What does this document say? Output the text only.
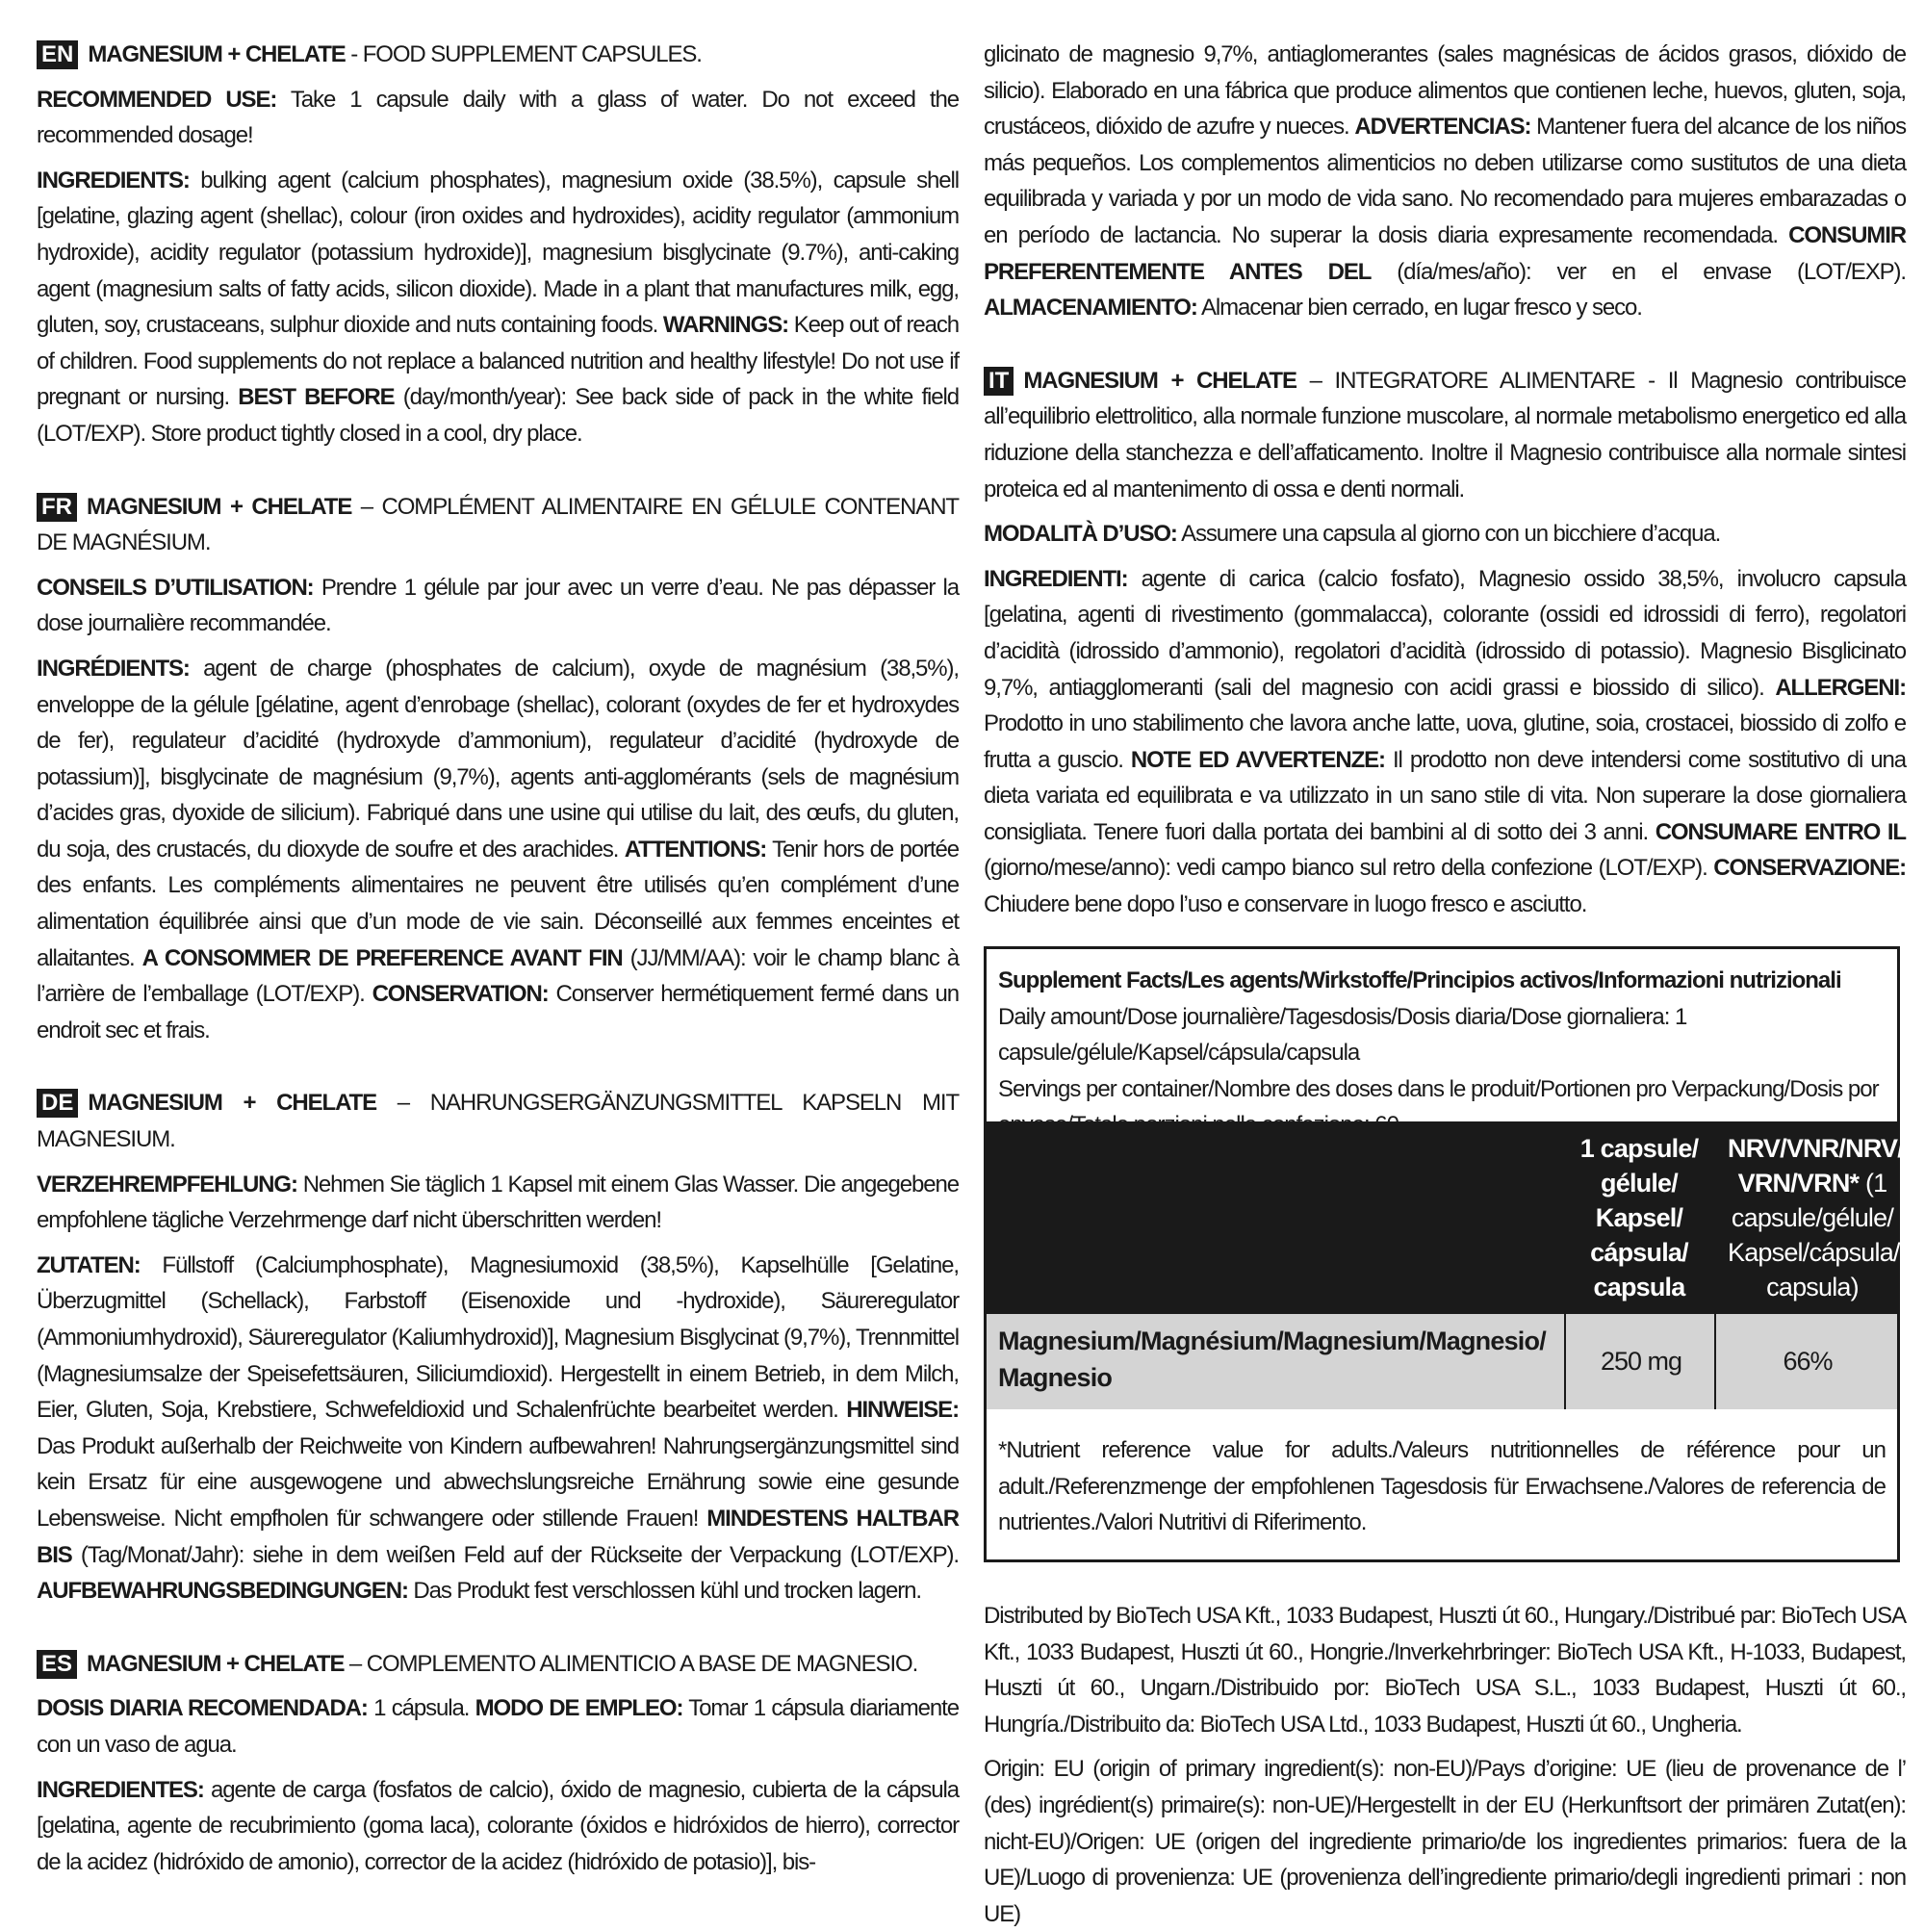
EN MAGNESIUM + CHELATE - FOOD SUPPLEMENT CAPSULES.

RECOMMENDED USE: Take 1 capsule daily with a glass of water. Do not exceed the recommended dosage!

INGREDIENTS: bulking agent (calcium phosphates), magnesium oxide (38.5%), capsule shell [gelatine, glazing agent (shellac), colour (iron oxides and hydroxides), acidity regulator (ammonium hydroxide), acidity regulator (potassium hydroxide)], magnesium bisglycinate (9.7%), anti-caking agent (magnesium salts of fatty acids, silicon dioxide). Made in a plant that manufactures milk, egg, gluten, soy, crustaceans, sulphur dioxide and nuts containing foods. WARNINGS: Keep out of reach of children. Food supplements do not replace a balanced nutrition and healthy lifestyle! Do not use if pregnant or nursing. BEST BEFORE (day/month/year): See back side of pack in the white field (LOT/EXP). Store product tightly closed in a cool, dry place.

FR MAGNESIUM + CHELATE – COMPLÉMENT ALIMENTAIRE EN GÉLULE CONTENANT DE MAGNÉSIUM.

CONSEILS D’UTILISATION: Prendre 1 gélule par jour avec un verre d’eau. Ne pas dépasser la dose journalière recommandée.

INGRÉDIENTS: agent de charge (phosphates de calcium), oxyde de magnésium (38,5%), enveloppe de la gélule [gélatine, agent d’enrobage (shellac), colorant (oxydes de fer et hydroxydes de fer), regulateur d’acidité (hydroxyde d’ammonium), regulateur d’acidité (hydroxyde de potassium)], bisglycinate de magnésium (9,7%), agents anti-agglomérants (sels de magnésium d’acides gras, dyoxide de silicium). Fabriqué dans une usine qui utilise du lait, des œufs, du gluten, du soja, des crustacés, du dioxyde de soufre et des arachides. ATTENTIONS: Tenir hors de portée des enfants. Les compléments alimentaires ne peuvent être utilisés qu’en complément d’une alimentation équilibrée ainsi que d’un mode de vie sain. Déconseillé aux femmes enceintes et allaitantes. A CONSOMMER DE PREFERENCE AVANT FIN (JJ/MM/AA): voir le champ blanc à l’arrière de l’emballage (LOT/EXP). CONSERVATION: Conserver hermétiquement fermé dans un endroit sec et frais.

DE MAGNESIUM + CHELATE – NAHRUNGSERGÄNZUNGSMITTEL KAPSELN MIT MAGNESIUM.

VERZEHREMPFEHLUNG: Nehmen Sie täglich 1 Kapsel mit einem Glas Wasser. Die angegebene empfohlene tägliche Verzehrmenge darf nicht überschritten werden!

ZUTATEN: Füllstoff (Calciumphosphate), Magnesiumoxid (38,5%), Kapselhülle [Gelatine, Überzugmittel (Schellack), Farbstoff (Eisenoxide und -hydroxide), Säureregulator (Ammoniumhydroxid), Säureregulator (Kaliumhydroxid)], Magnesium Bisglycinat (9,7%), Trennmittel (Magnesiumsalze der Speisefettsäuren, Siliciumdioxid). Hergestellt in einem Betrieb, in dem Milch, Eier, Gluten, Soja, Krebstiere, Schwefeldioxid und Schalenfrüchte bearbeitet werden. HINWEISE: Das Produkt außerhalb der Reichweite von Kindern aufbewahren! Nahrungsergänzungsmittel sind kein Ersatz für eine ausgewogene und abwechslungsreiche Ernährung sowie eine gesunde Lebensweise. Nicht empfholen für schwangere oder stillende Frauen! MINDESTENS HALTBAR BIS (Tag/Monat/Jahr): siehe in dem weißen Feld auf der Rückseite der Verpackung (LOT/EXP). AUFBEWAHRUNGSBEDINGUNGEN: Das Produkt fest verschlossen kühl und trocken lagern.

ES MAGNESIUM + CHELATE – COMPLEMENTO ALIMENTICIO A BASE DE MAGNESIO.

DOSIS DIARIA RECOMENDADA: 1 cápsula. MODO DE EMPLEO: Tomar 1 cápsula diariamente con un vaso de agua.

INGREDIENTES: agente de carga (fosfatos de calcio), óxido de magnesio, cubierta de la cápsula [gelatina, agente de recubrimiento (goma laca), colorante (óxidos e hidróxidos de hierro), corrector de la acidez (hidróxido de amonio), corrector de la acidez (hidróxido de potasio)], bis-

glicinato de magnesio 9,7%, antiaglomerantes (sales magnésicas de ácidos grasos, dióxido de silicio). Elaborado en una fábrica que produce alimentos que contienen leche, huevos, gluten, soja, crustáceos, dióxido de azufre y nueces. ADVERTENCIAS: Mantener fuera del alcance de los niños más pequeños. Los complementos alimenticios no deben utilizarse como sustitutos de una dieta equilibrada y variada y por un modo de vida sano. No recomendado para mujeres embarazadas o en período de lactancia. No superar la dosis diaria expresamente recomendada. CONSUMIR PREFERENTEMENTE ANTES DEL (día/mes/año): ver en el envase (LOT/EXP). ALMACENAMIENTO: Almacenar bien cerrado, en lugar fresco y seco.

IT MAGNESIUM + CHELATE – INTEGRATORE ALIMENTARE - Il Magnesio contribuisce all’equilibrio elettrolitico, alla normale funzione muscolare, al normale metabolismo energetico ed alla riduzione della stanchezza e dell’affaticamento. Inoltre il Magnesio contribuisce alla normale sintesi proteica ed al mantenimento di ossa e denti normali.

MODALITÀ D’USO: Assumere una capsula al giorno con un bicchiere d’acqua.

INGREDIENTI: agente di carica (calcio fosfato), Magnesio ossido 38,5%, involucro capsula [gelatina, agenti di rivestimento (gommalacca), colorante (ossidi ed idrossidi di ferro), regolatori d’acidità (idrossido d’ammonio), regolatori d’acidità (idrossido di potassio). Magnesio Bisglicinato 9,7%, antiagglomeranti (sali del magnesio con acidi grassi e biossido di silico). ALLERGENI: Prodotto in uno stabilimento che lavora anche latte, uova, glutine, soia, crostacei, biossido di zolfo e frutta a guscio. NOTE ED AVVERTENZE: Il prodotto non deve intendersi come sostitutivo di una dieta variata ed equilibrata e va utilizzato in un sano stile di vita. Non superare la dose giornaliera consigliata. Tenere fuori dalla portata dei bambini al di sotto dei 3 anni. CONSUMARE ENTRO IL (giorno/mese/anno): vedi campo bianco sul retro della confezione (LOT/EXP). CONSERVAZIONE: Chiudere bene dopo l’uso e conservare in luogo fresco e asciutto.

Supplement Facts/Les agents/Wirkstoffe/Principios activos/Informazioni nutrizionali
Daily amount/Dose journalière/Tagesdosis/Dosis diaria/Dose giornaliera: 1 capsule/gélule/Kapsel/cápsula/capsula
Servings per container/Nombre des doses dans le produit/Portionen pro Verpackung/Dosis por
1 capsule/ gélule/ Kapsel/ cápsula/ capsula
NRV/VNR/NRV/ VRN/VRN* (1 capsule/gélule/ Kapsel/cápsula/ capsula)
Magnesium/Magnésium/Magnesium/Magnesio/ Magnesio
250 mg	66%
*Nutrient reference value for adults./Valeurs nutritionnelles de référence pour un adult./Referenzmenge der empfohlenen Tagesdosis für Erwachsene./Valores de referencia de nutrientes./Valori Nutritivi di Riferimento.

Distributed by BioTech USA Kft., 1033 Budapest, Huszti út 60., Hungary./Distribué par: BioTech USA Kft., 1033 Budapest, Huszti út 60., Hongrie./Inverkehrbringer: BioTech USA Kft., H-1033, Budapest, Huszti út 60., Ungarn./Distribuido por: BioTech USA S.L., 1033 Budapest, Huszti út 60., Hungría./Distribuito da: BioTech USA Ltd., 1033 Budapest, Huszti út 60., Ungheria.

Origin: EU (origin of primary ingredient(s): non-EU)/Pays d’origine: UE (lieu de provenance de l’ (des) ingrédient(s) primaire(s): non-UE)/Hergestellt in der EU (Herkunftsort der primären Zutat(en): nicht-EU)/Origen: UE (origen del ingrediente primario/de los ingredientes primarios: fuera de la UE)/Luogo di provenienza: UE (provenienza dell’ingrediente primario/degli ingredienti primari : non UE)
